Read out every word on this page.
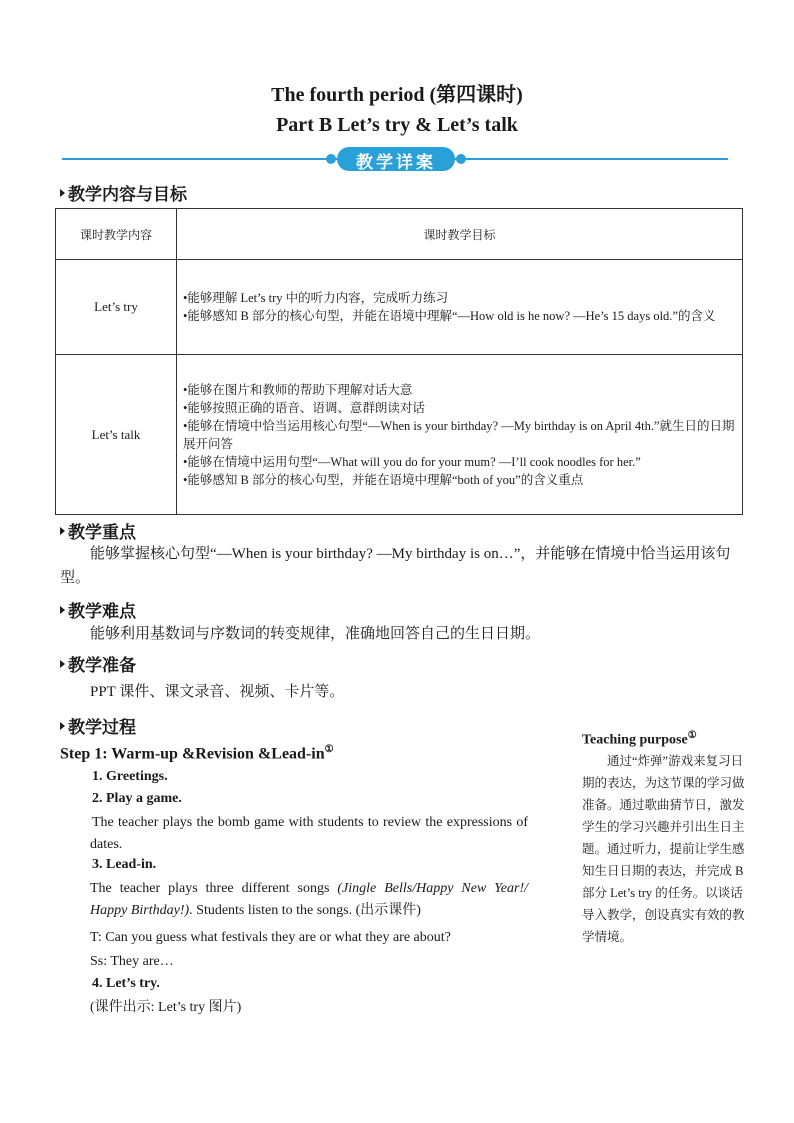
The fourth period (第四课时)
Part B Let’s try & Let’s talk
教学详案
教学内容与目标
课时教学内容	课时教学目标
Let’s try	•能够理解 Let’s try 中的听力内容，完成听力练习
•能够感知 B 部分的核心句型，并能在语境中理解“—How old is he now? —He’s 15 days old.”的含义

Let’s talk	•能够在图片和教师的帮助下理解对话大意
•能够按照正确的语音、语调、意群朗读对话
•能够在情境中恰当运用核心句型“—When is your birthday? —My birthday is on April 4th.”就生日的日期展开问答
•能够在情境中运用句型“—What will you do for your mum? —I’ll cook noodles for her.”
•能够感知 B 部分的核心句型，并能在语境中理解“both of you”的含义重点
教学重点
能够掌握核心句型“—When is your birthday? —My birthday is on…”，并能够在情境中恰当运用该句型。
教学难点
能够利用基数词与序数词的转变规律，准确地回答自己的生日日期。
教学准备
PPT 课件、课文录音、视频、卡片等。
教学过程
Step 1: Warm-up &Revision &Lead-in①
1. Greetings.
2. Play a game.
The teacher plays the bomb game with students to review the expressions of dates.
3. Lead-in.
The teacher plays three different songs (Jingle Bells/Happy New Year!/ Happy Birthday!). Students listen to the songs. (出示课件)
T: Can you guess what festivals they are or what they are about?
Ss: They are…
4. Let’s try.
(课件出示: Let’s try 图片)
Teaching purpose①
通过“炸弹”游戏来复习日期的表达，为这节课的学习做准备。通过歌曲猜节日，激发学生的学习兴趣并引出生日主题。通过听力，提前让学生感知生日日期的表达，并完成 B 部分 Let’s try 的任务。以谈话导入教学，创设真实有效的教学情境。
